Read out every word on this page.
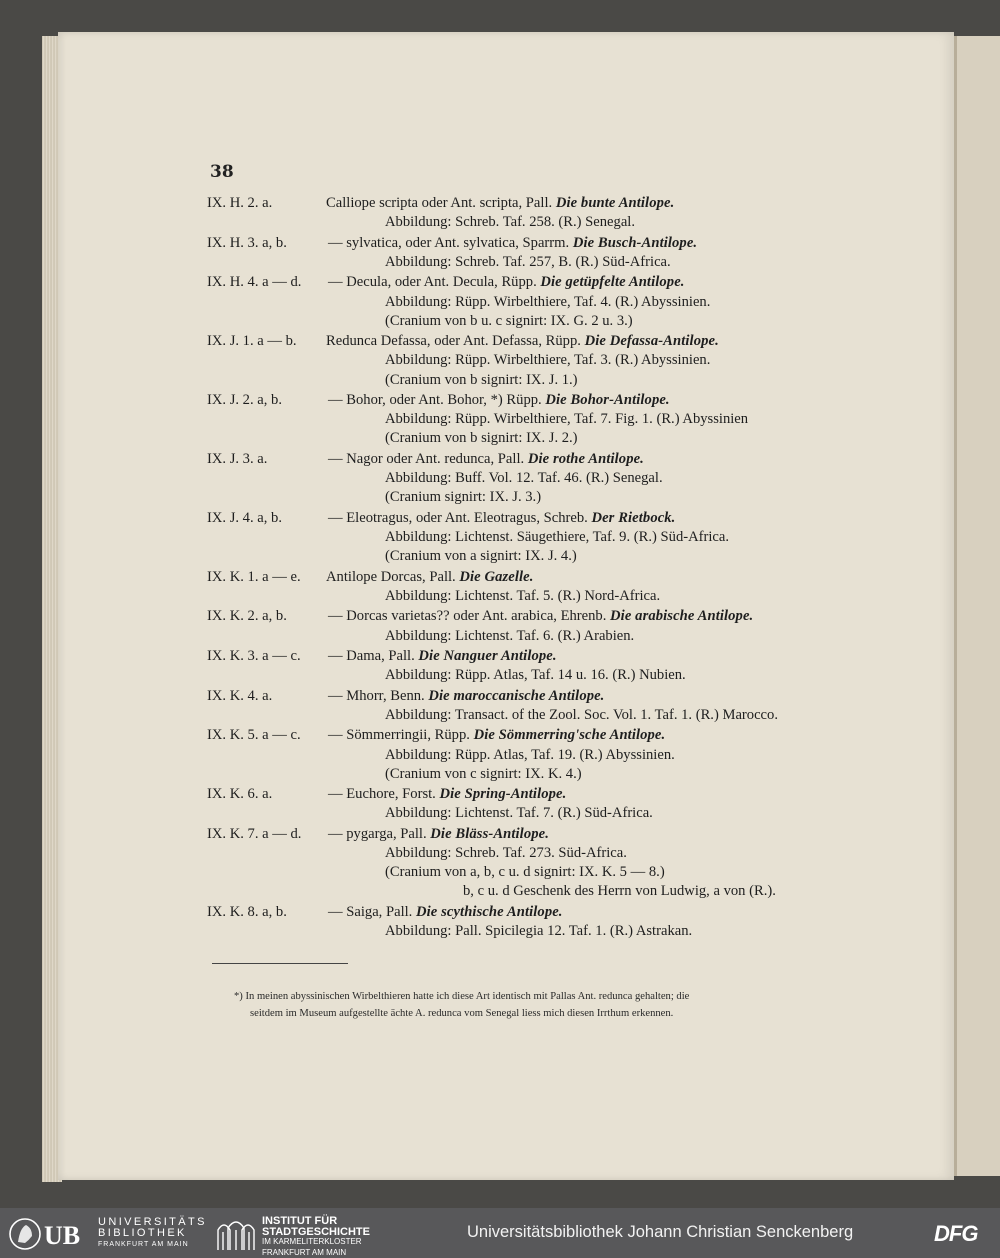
38
IX. H. 2. a.	Calliope scripta oder Ant. scripta, Pall. Die bunte Antilope.
Abbildung: Schreb. Taf. 258. (R.) Senegal.
IX. H. 3. a, b.	— sylvatica, oder Ant. sylvatica, Sparrm. Die Busch-Antilope.
Abbildung: Schreb. Taf. 257, B. (R.) Süd-Africa.
IX. H. 4. a — d. — Decula, oder Ant. Decula, Rüpp. Die getüpfelte Antilope.
Abbildung: Rüpp. Wirbelthiere, Taf. 4. (R.) Abyssinien.
(Cranium von b u. c signirt: IX. G. 2 u. 3.)
IX. J. 1. a — b. Redunca Defassa, oder Ant. Defassa, Rüpp. Die Defassa-Antilope.
Abbildung: Rüpp. Wirbelthiere, Taf. 3. (R.) Abyssinien.
(Cranium von b signirt: IX. J. 1.)
IX. J. 2. a, b.	— Bohor, oder Ant. Bohor, *) Rüpp. Die Bohor-Antilope.
Abbildung: Rüpp. Wirbelthiere, Taf. 7. Fig. 1. (R.) Abyssinien
(Cranium von b signirt: IX. J. 2.)
IX. J. 3. a.	— Nagor oder Ant. redunca, Pall. Die rothe Antilope.
Abbildung: Buff. Vol. 12. Taf. 46. (R.) Senegal.
(Cranium signirt: IX. J. 3.)
IX. J. 4. a, b.	— Eleotragus, oder Ant. Eleotragus, Schreb. Der Rietbock.
Abbildung: Lichtenst. Säugethiere, Taf. 9. (R.) Süd-Africa.
(Cranium von a signirt: IX. J. 4.)
IX. K. 1. a — e. Antilope Dorcas, Pall. Die Gazelle.
Abbildung: Lichtenst. Taf. 5. (R.) Nord-Africa.
IX. K. 2. a, b.	— Dorcas varietas?? oder Ant. arabica, Ehrenb. Die arabische Antilope.
Abbildung: Lichtenst. Taf. 6. (R.) Arabien.
IX. K. 3. a — c. — Dama, Pall. Die Nanguer Antilope.
Abbildung: Rüpp. Atlas, Taf. 14 u. 16. (R.) Nubien.
IX. K. 4. a.	— Mhorr, Benn. Die maroccanische Antilope.
Abbildung: Transact. of the Zool. Soc. Vol. 1. Taf. 1. (R.) Marocco.
IX. K. 5. a — c. — Sömmerringii, Rüpp. Die Sömmerring'sche Antilope.
Abbildung: Rüpp. Atlas, Taf. 19. (R.) Abyssinien.
(Cranium von c signirt: IX. K. 4.)
IX. K. 6. a.	— Euchore, Forst. Die Spring-Antilope.
Abbildung: Lichtenst. Taf. 7. (R.) Süd-Africa.
IX. K. 7. a — d. — pygarga, Pall. Die Bläss-Antilope.
Abbildung: Schreb. Taf. 273. Süd-Africa.
(Cranium von a, b, c u. d signirt: IX. K. 5 — 8.)
b, c u. d Geschenk des Herrn von Ludwig, a von (R.).
IX. K. 8. a, b.	— Saiga, Pall. Die scythische Antilope.
Abbildung: Pall. Spicilegia 12. Taf. 1. (R.) Astrakan.
*) In meinen abyssinischen Wirbelthieren hatte ich diese Art identisch mit Pallas Ant. redunca gehalten; die
seitdem im Museum aufgestellte ächte A. redunca vom Senegal liess mich diesen Irrthum erkennen.
UB UNIVERSITÄTS
BIBLIOTHEK
FRANKFURT AM MAIN
INSTITUT FÜR
STADTGESCHICHTE
IM KARMELITERKLOSTER
FRANKFURT AM MAIN
Universitätsbibliothek Johann Christian Senckenberg	DFG
